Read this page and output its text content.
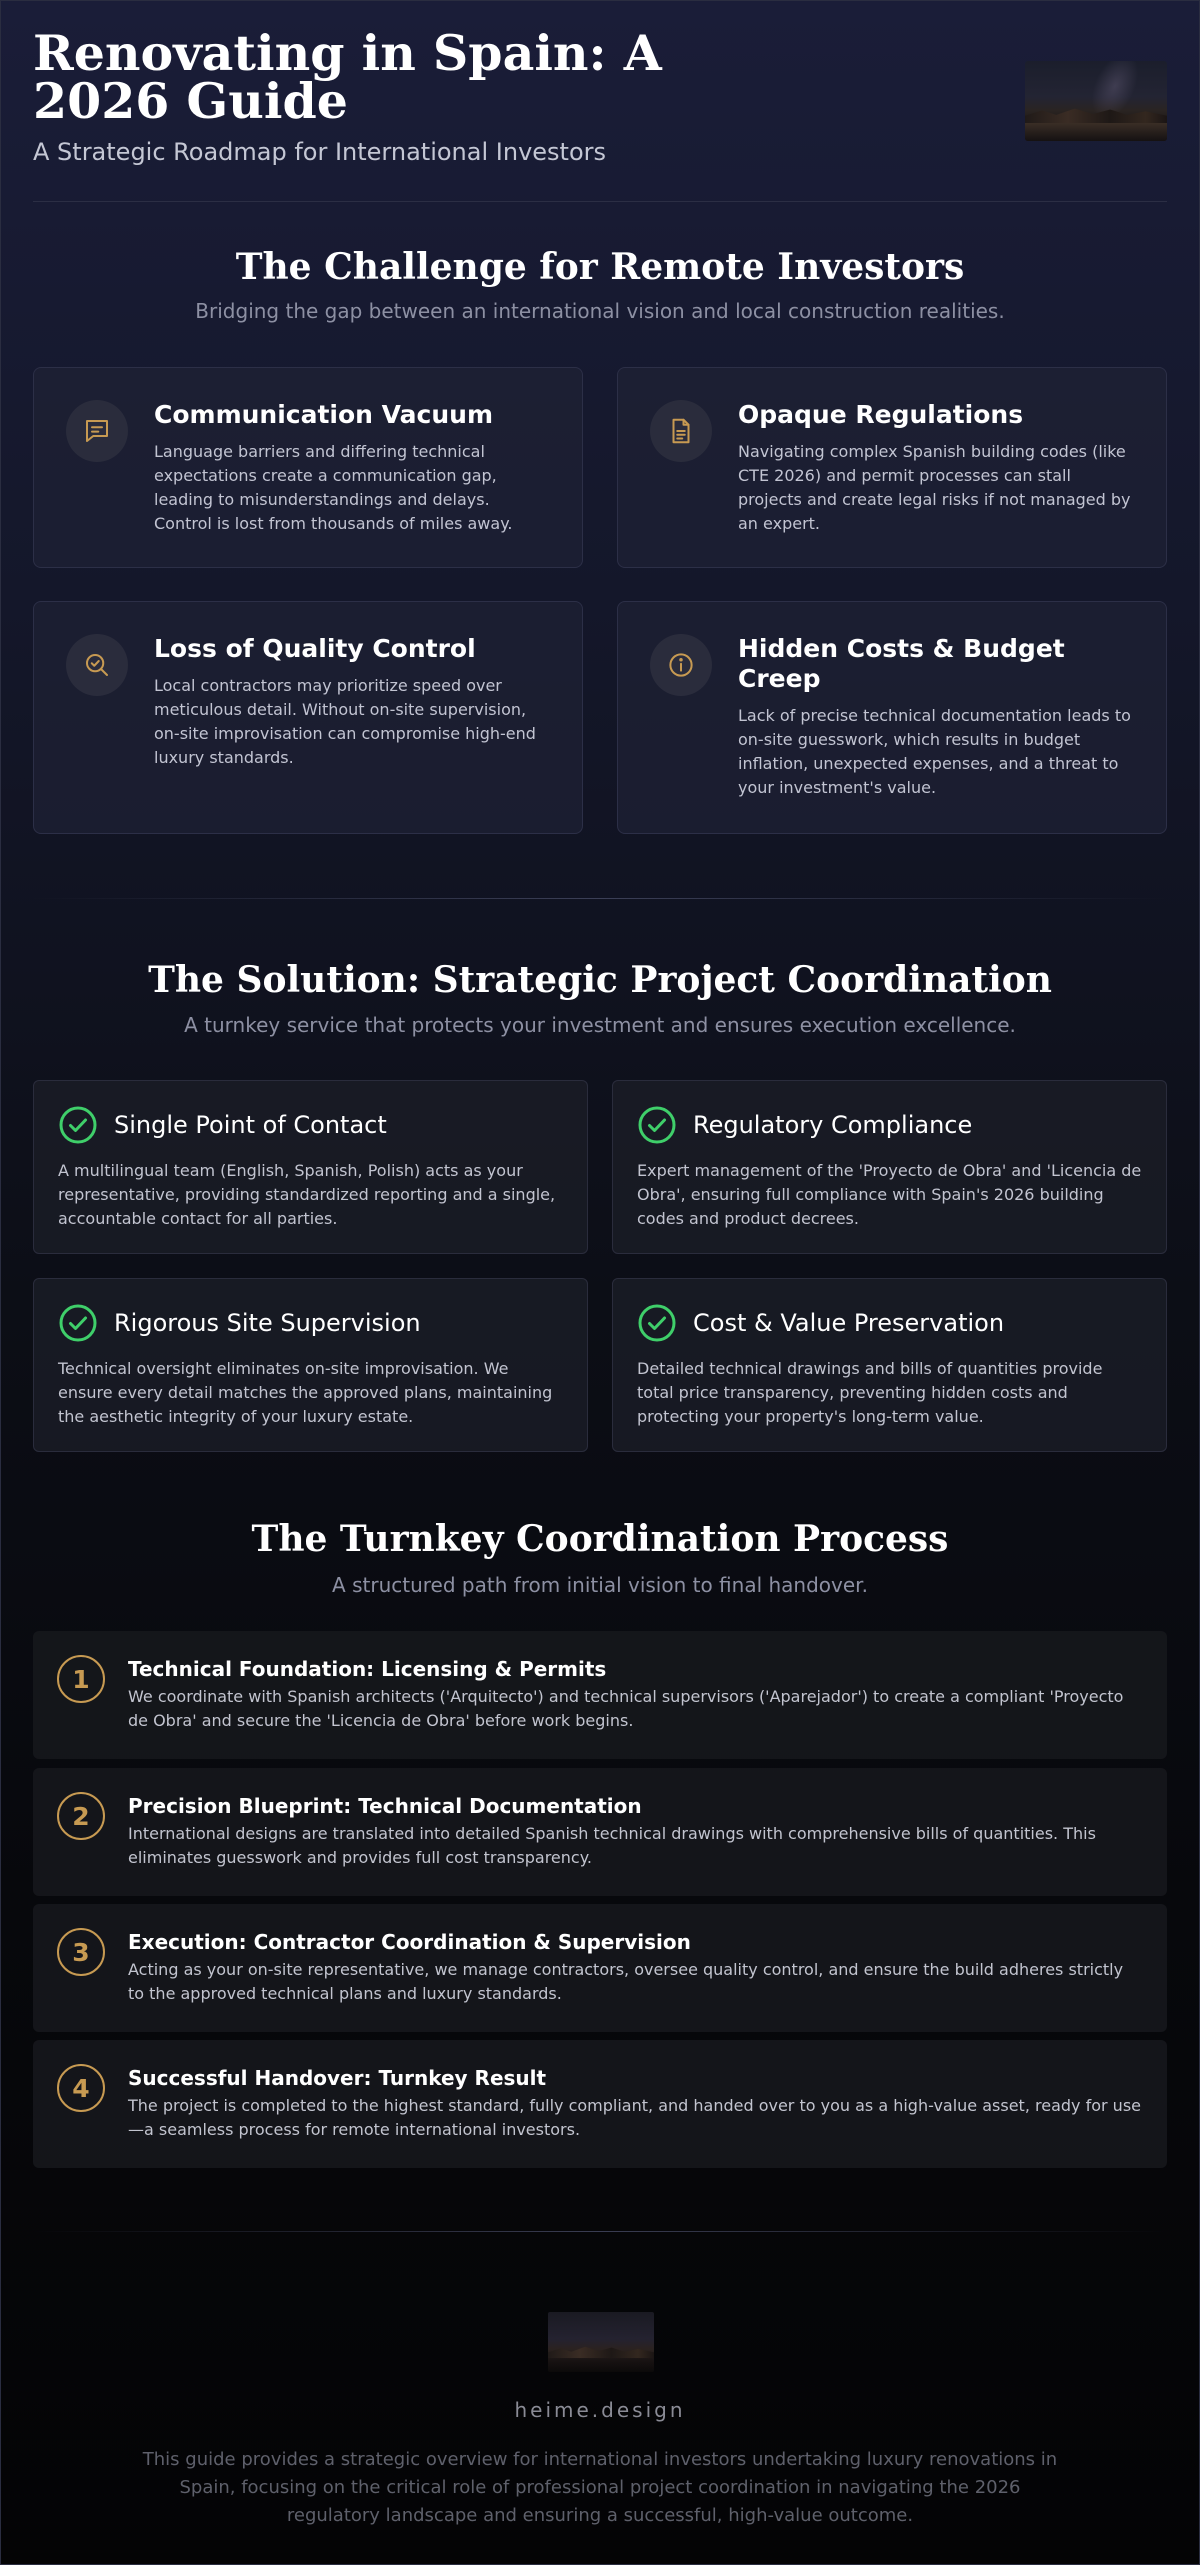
Renovating in Spain: A 2026 Guide
A Strategic Roadmap for International Investors
The Challenge for Remote Investors
Bridging the gap between an international vision and local construction realities.
Communication Vacuum

Language barriers and differing technical expectations create a communication gap, leading to misunderstandings and delays. Control is lost from thousands of miles away.

Opaque Regulations

Navigating complex Spanish building codes (like CTE 2026) and permit processes can stall projects and create legal risks if not managed by an expert.

Loss of Quality Control

Local contractors may prioritize speed over meticulous detail. Without on-site supervision, on-site improvisation can compromise high-end luxury standards.

Hidden Costs & Budget Creep

Lack of precise technical documentation leads to on-site guesswork, which results in budget inflation, unexpected expenses, and a threat to your investment's value.

The Solution: Strategic Project Coordination
A turnkey service that protects your investment and ensures execution excellence.
Single Point of Contact

A multilingual team (English, Spanish, Polish) acts as your representative, providing standardized reporting and a single, accountable contact for all parties.

Regulatory Compliance

Expert management of the 'Proyecto de Obra' and 'Licencia de Obra', ensuring full compliance with Spain's 2026 building codes and product decrees.

Rigorous Site Supervision

Technical oversight eliminates on-site improvisation. We ensure every detail matches the approved plans, maintaining the aesthetic integrity of your luxury estate.

Cost & Value Preservation

Detailed technical drawings and bills of quantities provide total price transparency, preventing hidden costs and protecting your property's long-term value.

The Turnkey Coordination Process
A structured path from initial vision to final handover.
1	Technical Foundation: Licensing & Permits

We coordinate with Spanish architects ('Arquitecto') and technical supervisors ('Aparejador') to create a compliant 'Proyecto de Obra' and secure the 'Licencia de Obra' before work begins.

2	Precision Blueprint: Technical Documentation

International designs are translated into detailed Spanish technical drawings with comprehensive bills of quantities. This eliminates guesswork and provides full cost transparency.

3	Execution: Contractor Coordination & Supervision

Acting as your on-site representative, we manage contractors, oversee quality control, and ensure the build adheres strictly to the approved technical plans and luxury standards.

4	Successful Handover: Turnkey Result

The project is completed to the highest standard, fully compliant, and handed over to you as a high-value asset, ready for use—a seamless process for remote international investors.

heime.design

This guide provides a strategic overview for international investors undertaking luxury renovations in Spain, focusing on the critical role of professional project coordination in navigating the 2026 regulatory landscape and ensuring a successful, high-value outcome.
